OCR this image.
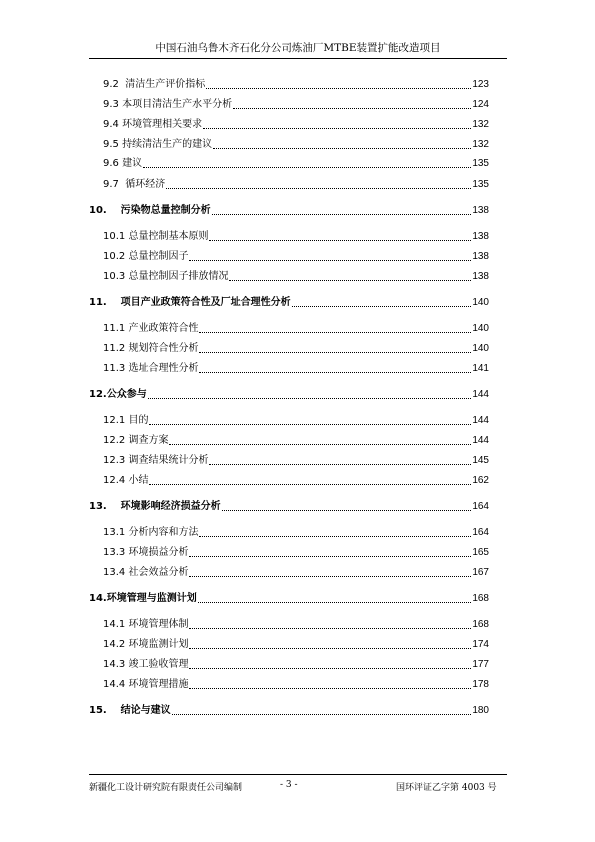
中国石油乌鲁木齐石化分公司炼油厂MTBE装置扩能改造项目
9.2  清洁生产评价指标	123
9.3 本项目清洁生产水平分析	124
9.4 环境管理相关要求	132
9.5 持续清洁生产的建议	132
9.6 建议	135
9.7  循环经济	135
10.    污染物总量控制分析	138
10.1 总量控制基本原则	138
10.2 总量控制因子	138
10.3 总量控制因子排放情况	138
11.    项目产业政策符合性及厂址合理性分析	140
11.1 产业政策符合性	140
11.2 规划符合性分析	140
11.3 选址合理性分析	141
12.公众参与	144
12.1 目的	144
12.2 调查方案	144
12.3 调查结果统计分析	145
12.4 小结	162
13.    环境影响经济损益分析	164
13.1 分析内容和方法	164
13.3 环境损益分析	165
13.4 社会效益分析	167
14.环境管理与监测计划	168
14.1 环境管理体制	168
14.2 环境监测计划	174
14.3 竣工验收管理	177
14.4 环境管理措施	178
15.    结论与建议	180
新疆化工设计研究院有限责任公司编制	- 3 -	国环评证乙字第 4003 号
